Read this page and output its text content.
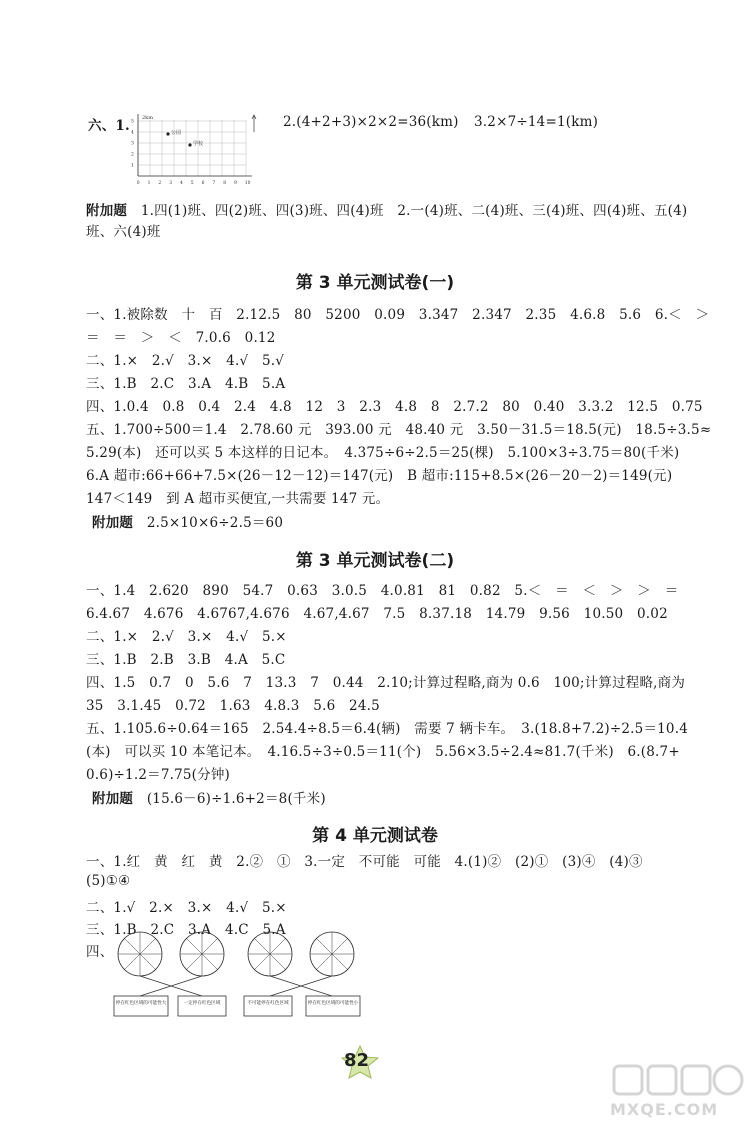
六、1. 2km
公园
学校
0 1 2 3 4 5 6 7 8 9 10
1
2
3
4
5	2.(4+2+3)×2×2=36(km) 3.2×7÷14=1(km)
附加题　 1.四(1)班、四(2)班、四(3)班、四(4)班　2.一(4)班、二(4)班、三(4)班、四(4)班、五(4)
班、六(4)班
第 3 单元测试卷(一)
一、1.被除数　十　百　2.12.5　80　5200　0.09　3.347　2.347　2.35　4.6.8　5.6　6.＜　＞
＝　＝　＞　＜　7.0.6　0.12
二、1.×　2.√　3.×　4.√　5.√
三、1.B　2.C　3.A　4.B　5.A
四、1.0.4　0.8　0.4　2.4　4.8　12　3　2.3　4.8　8　2.7.2　80　0.40　3.3.2　12.5　0.75
五、1.700÷500＝1.4　2.78.60 元　393.00 元　48.40 元　3.50－31.5＝18.5(元)　18.5÷3.5≈
5.29(本)　还可以买 5 本这样的日记本。　4.375÷6÷2.5＝25(棵)　5.100×3÷3.75＝80(千米)
6.A 超市:66+66+7.5×(26－12－12)＝147(元)　B 超市:115+8.5×(26－20－2)＝149(元)
147＜149　到 A 超市买便宜,一共需要 147 元。
附加题　 2.5×10×6÷2.5＝60
第 3 单元测试卷(二)
一、1.4　2.620　890　54.7　0.63　3.0.5　4.0.81　81　0.82　5.＜　＝　＜　＞　＞　＝
6.4.67　4.676　4.6767,4.676　4.67,4.67　7.5　8.37.18　14.79　9.56　10.50　0.02
二、1.×　2.√　3.×　4.√　5.×
三、1.B　2.B　3.B　4.A　5.C
四、1.5　0.7　0　5.6　7　13.3　7　0.44　2.10;计算过程略,商为 0.6　100;计算过程略,商为
35　3.1.45　0.72　1.63　4.8.3　5.6　24.5
五、1.105.6÷0.64＝165　2.54.4÷8.5＝6.4(辆)　需要 7 辆卡车。　3.(18.8+7.2)÷2.5＝10.4
(本)　可以买 10 本笔记本。　4.16.5÷3÷0.5＝11(个)　5.56×3.5÷2.4≈81.7(千米)　6.(8.7+
0.6)÷1.2＝7.75(分钟)
附加题　 (15.6－6)÷1.6+2＝8(千米)
第 4 单元测试卷
一、1.红　黄　红　黄　2.②　①　3.一定　不可能　可能　4.(1)②　(2)①　(3)④　(4)③
(5)①④
二、1.√　2.×　3.×　4.√　5.×
三、1.B　2.C　3.A　4.C　5.A
四、
停在红色区域的可能性大	一定停在红色区域	不可能停在红色区域	停在红色区域的可能性小
82
MXQE.COM
